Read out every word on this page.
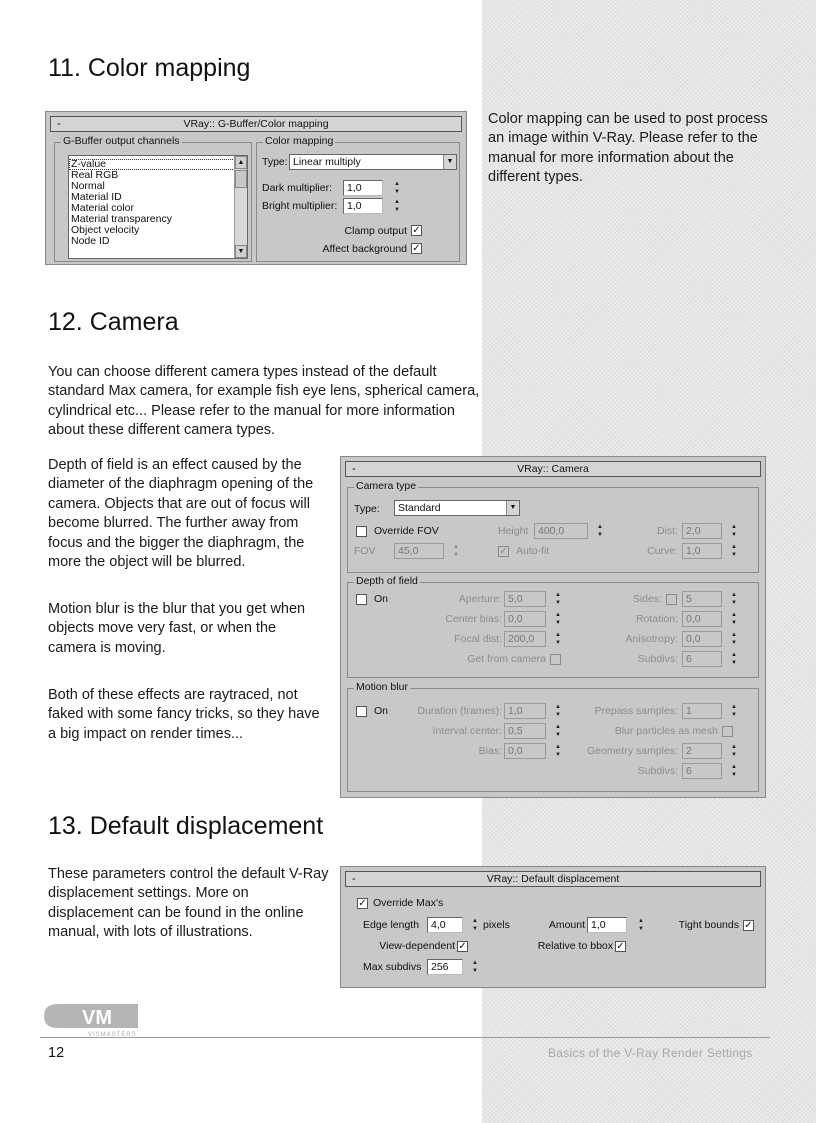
11. Color mapping
-	VRay:: G-Buffer/Color mapping
G-Buffer output channels
Z-value
Real RGB
Normal
Material ID
Material color
Material transparency
Object velocity
Node ID
▲
▼
Color mapping
Type: Linear multiply	▼
Dark multiplier:	1,0	▲
▼
Bright multiplier: 1,0	▲
▼
Clamp output ✓
Affect background ✓

Color mapping can be used to post process an image within V-Ray. Please refer to the manual for more information about the different types.

12. Camera

You can choose different camera types instead of the default standard Max camera, for example fish eye lens, spherical camera, cylindrical etc... Please refer to the manual for more information about these different camera types.

Depth of field is an effect caused by the diameter of the diaphragm opening of the camera. Objects that are out of focus will become blurred. The further away from focus and the bigger the diaphragm, the more the object will be blurred.

Motion blur is the blur that you get when objects move very fast, or when the camera is moving.

Both of these effects are raytraced, not faked with some fancy tricks, so they have a big impact on render times...

-	VRay:: Camera
Camera type
Type:	Standard	▼
Override FOV
FOV	45,0	▲
▼
Height 400,0	▲
▼
✓ Auto-fit
Dist: 2,0	▲
▼
Curve: 1,0	▲
▼
Depth of field
On	Aperture: 5,0	▲
▼
Center bias: 0,0	▲
▼
Focal dist: 200,0	▲
▼
Get from camera
Sides:	5	▲
▼
Rotation: 0,0	▲
▼
Anisotropy: 0,0	▲
▼
Subdivs: 6	▲
▼
Motion blur
On	Duration (frames): 1,0	▲
▼
Interval center: 0,5	▲
▼
Bias: 0,0	▲
▼
Prepass samples: 1	▲
▼
Blur particles as mesh
Geometry samples: 2	▲
▼
Subdivs: 6	▲
▼
13. Default displacement

These parameters control the default V-Ray displacement settings. More on displacement can be found in the online manual, with lots of illustrations.

-	VRay:: Default displacement
✓ Override Max's
Edge length	4,0	▲
▼ pixels	Amount 1,0	▲
▼	Tight bounds ✓
View-dependent ✓	Relative to bbox ✓
Max subdivs 256	▲
▼
VM
VISMASTERS
12	Basics of the V-Ray Render Settings
